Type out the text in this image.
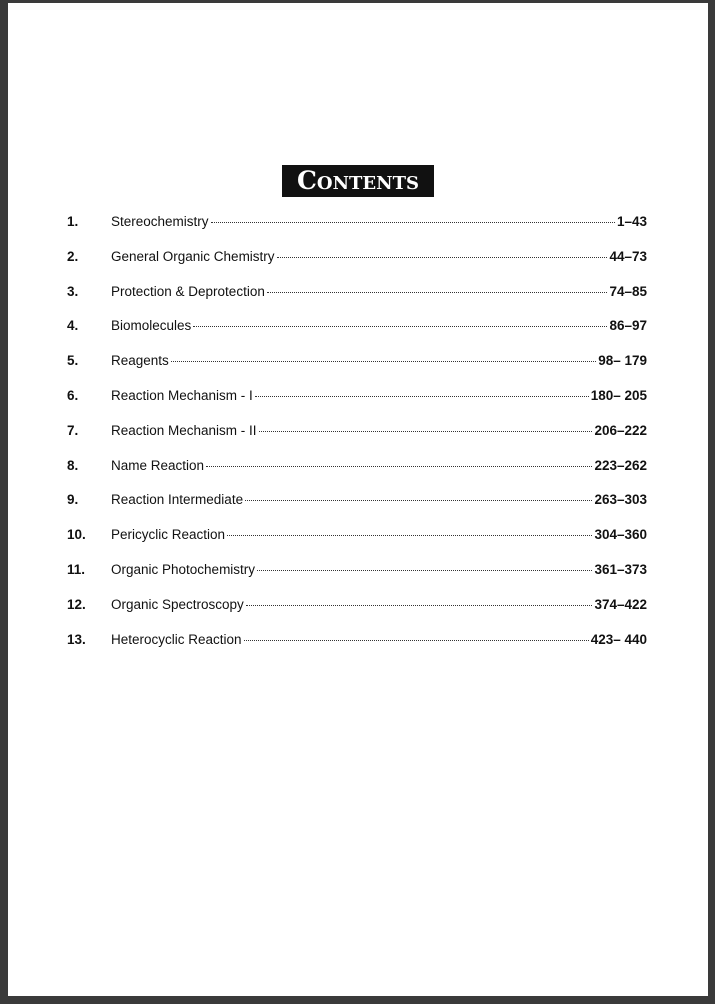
Contents
1.	Stereochemistry	1–43
2.	General Organic Chemistry	44–73
3.	Protection & Deprotection	74–85
4.	Biomolecules	86–97
5.	Reagents	98– 179
6.	Reaction Mechanism - I	180– 205
7.	Reaction Mechanism - II	206–222
8.	Name Reaction	223–262
9.	Reaction Intermediate	263–303
10.	Pericyclic Reaction	304–360
11.	Organic Photochemistry	361–373
12.	Organic Spectroscopy	374–422
13.	Heterocyclic Reaction	423– 440
